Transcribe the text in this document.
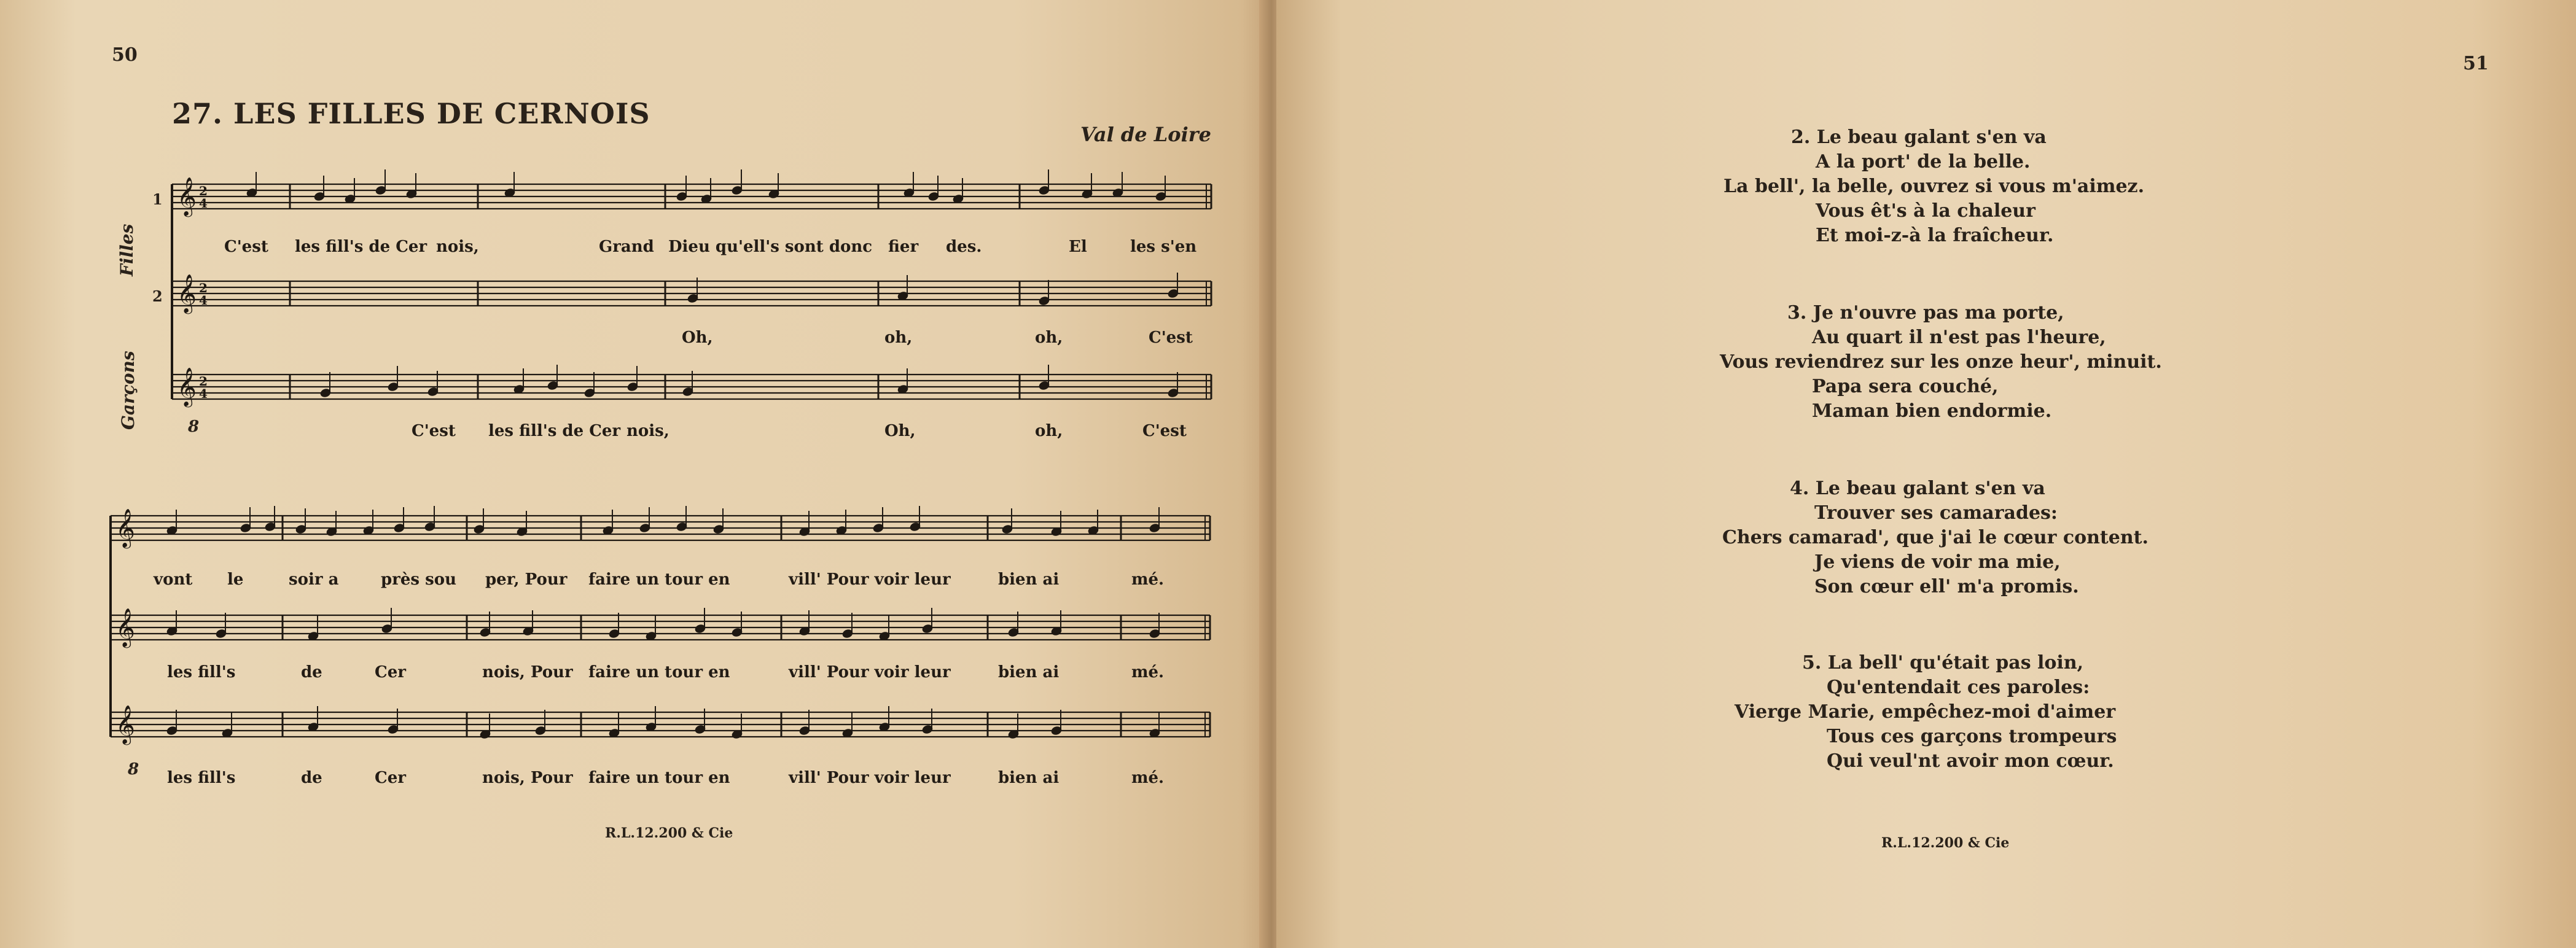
50
27. LES FILLES DE CERNOIS
Val de Loire
Filles
Garçons
1
2
8
8
𝄞 2
4
𝄞 2
4
𝄞 2
4
𝄞
𝄞
𝄞
C'est les fill's de Cer nois,	Grand Dieu qu'ell's sont donc fier des.	El	les s'en
Oh,	oh,	oh,	C'est
C'est les fill's de Cer nois,	Oh,	oh,	C'est
vont le	soir a	près sou per, Pour faire un tour en	vill' Pour voir leur	bien ai	mé.
les fill's	de	Cer	nois, Pour faire un tour en	vill' Pour voir leur	bien ai	mé.
les fill's	de	Cer	nois, Pour faire un tour en	vill' Pour voir leur	bien ai	mé.
R.L.12.200 & Cie
51
2. Le beau galant s'en va
A la port' de la belle.
La bell', la belle, ouvrez si vous m'aimez.
Vous êt's à la chaleur
Et moi-z-à la fraîcheur.
3. Je n'ouvre pas ma porte,
Au quart il n'est pas l'heure,
Vous reviendrez sur les onze heur', minuit.
Papa sera couché,
Maman bien endormie.
4. Le beau galant s'en va
Trouver ses camarades:
Chers camarad', que j'ai le cœur content.
Je viens de voir ma mie,
Son cœur ell' m'a promis.
5. La bell' qu'était pas loin,
Qu'entendait ces paroles:
Vierge Marie, empêchez-moi d'aimer
Tous ces garçons trompeurs
Qui veul'nt avoir mon cœur.
R.L.12.200 & Cie
